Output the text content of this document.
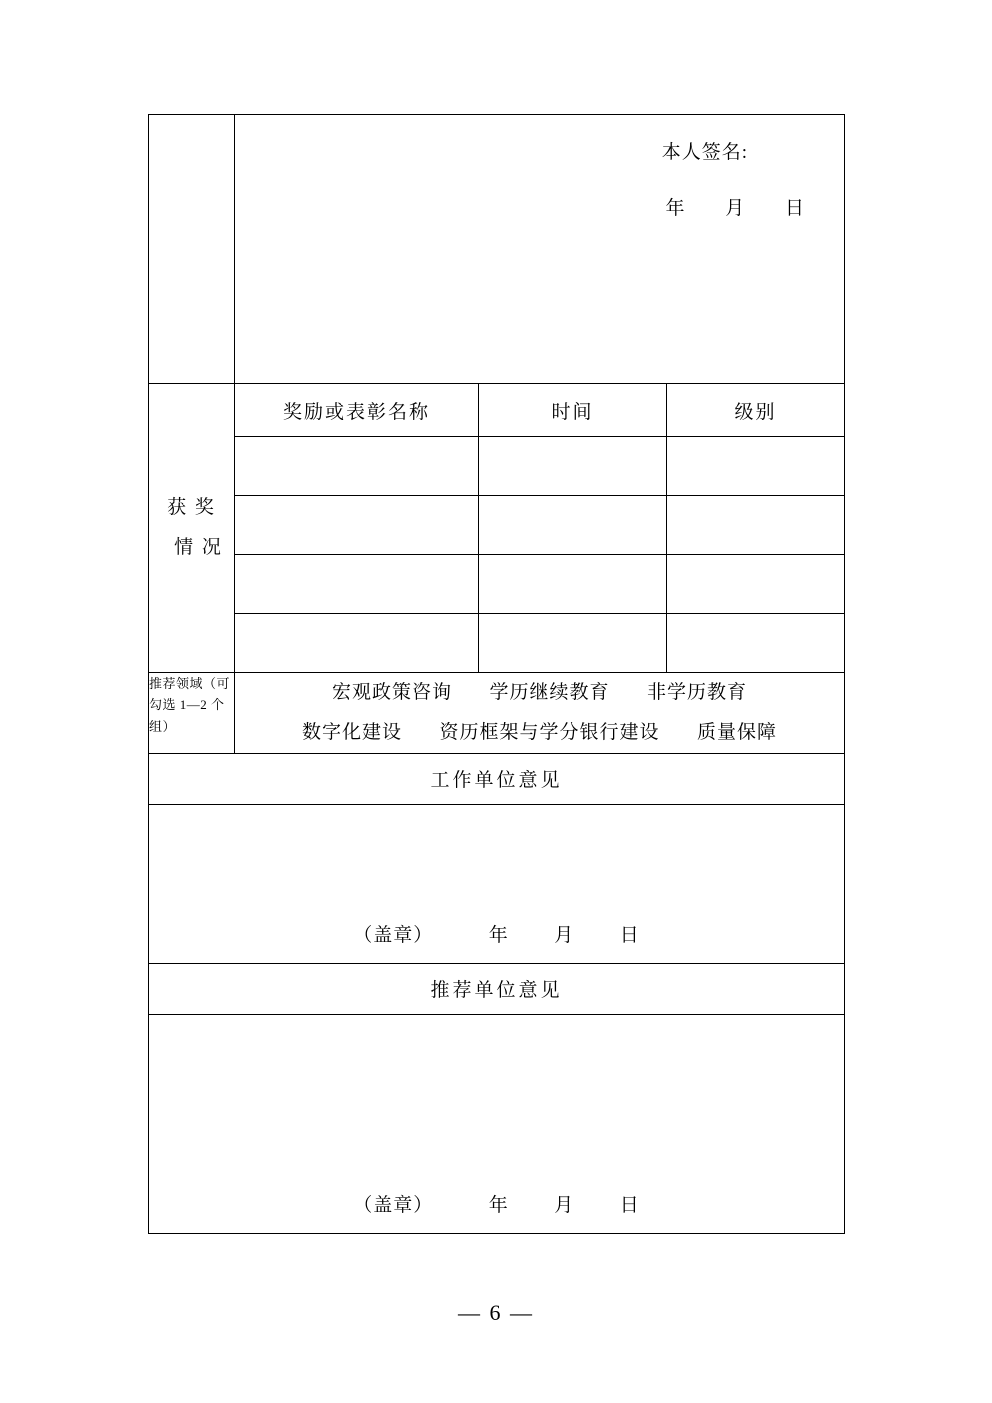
	本人签名:
年 月 日		

获 奖
情 况	奖励或表彰名称	时间	级别

推荐领域（可勾选 1—2 个组）	宏观政策咨询 学历继续教育 非学历教育
数字化建设 资历框架与学分银行建设 质量保障		

工作单位意见			

（盖章） 年 月 日			

推荐单位意见			

（盖章） 年 月 日			
— 6 —
